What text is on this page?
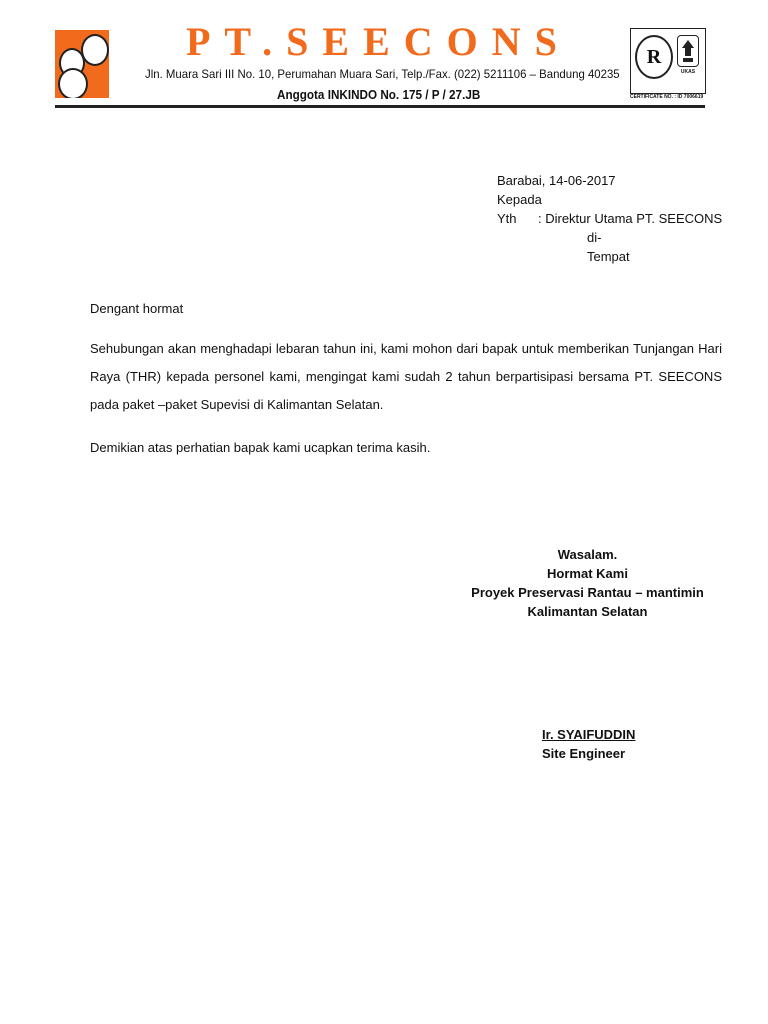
PT.SEECONS
Jln. Muara Sari III No. 10, Perumahan Muara Sari, Telp./Fax. (022) 5211106 – Bandung 40235
Anggota INKINDO No. 175 / P / 27.JB
R
UKAS
CERTIFICATE NO. : ID 7006619
Barabai, 14-06-2017
Kepada
Yth : Direktur Utama PT. SEECONS
di-
Tempat
Dengant hormat
Sehubungan akan menghadapi lebaran tahun ini, kami mohon dari bapak untuk memberikan Tunjangan Hari Raya (THR) kepada personel kami, mengingat kami sudah 2 tahun berpartisipasi bersama PT. SEECONS pada paket –paket Supevisi di Kalimantan Selatan.
Demikian atas perhatian bapak kami ucapkan terima kasih.
Wasalam.
Hormat Kami
Proyek Preservasi Rantau – mantimin
Kalimantan Selatan
Ir. SYAIFUDDIN
Site Engineer
